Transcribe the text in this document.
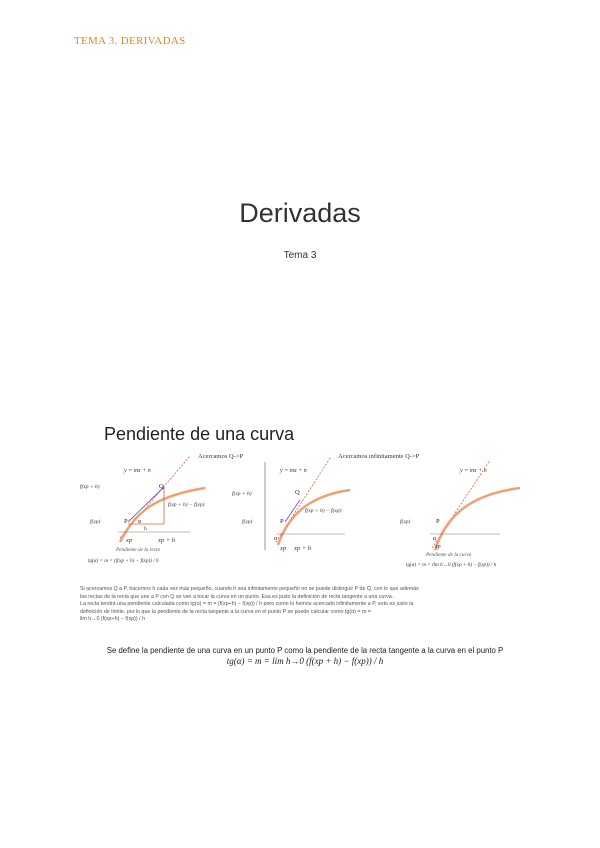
TEMA 3. DERIVADAS
Derivadas
Tema 3
Pendiente de una curva
Acercamos Q->P
y = mx + n
f(xp + h)
f(xp)	P
Q
α
f(xp + h) − f(xp)
h
xp	xp + h
Pendiente de la recta
tg(α) = m = (f(xp + h) − f(xp)) / h
Acercamos infinitamente Q->P
y = mx + n
f(xp + h)
f(xp)	P
Q
α
f(xp + h) − f(xp)
xp xp + h
y = mx + n
f(xp)	P
α
xp
Pendiente de la curva
tg(α) = m = lim h→0 (f(xp + h) − f(xp)) / h
Si acercamos Q a P, hacemos h cada vez más pequeño, cuando h sea infinitamente pequeño no se puede distinguir P de Q, con lo que además
las rectas de la recta que une a P con Q se van a tocar la curva en un punto. Esa es justo la definición de recta tangente a una curva.
La recta tendrá una pendiente calculada como tg(α) = m = (f(xp+h) − f(xp)) / h pero como lo hemos acercado infinitamente a P, esto es justo la
definición de límite, por lo que la pendiente de la recta tangente a la curva en el punto P se puede calcular como tg(α) = m =
lim h→0 (f(xp+h) − f(xp)) / h
Se define la pendiente de una curva en un punto P como la pendiente de la recta tangente a la curva en el punto P
tg(α) = m = lim h→0 (f(xp + h) − f(xp)) / h
